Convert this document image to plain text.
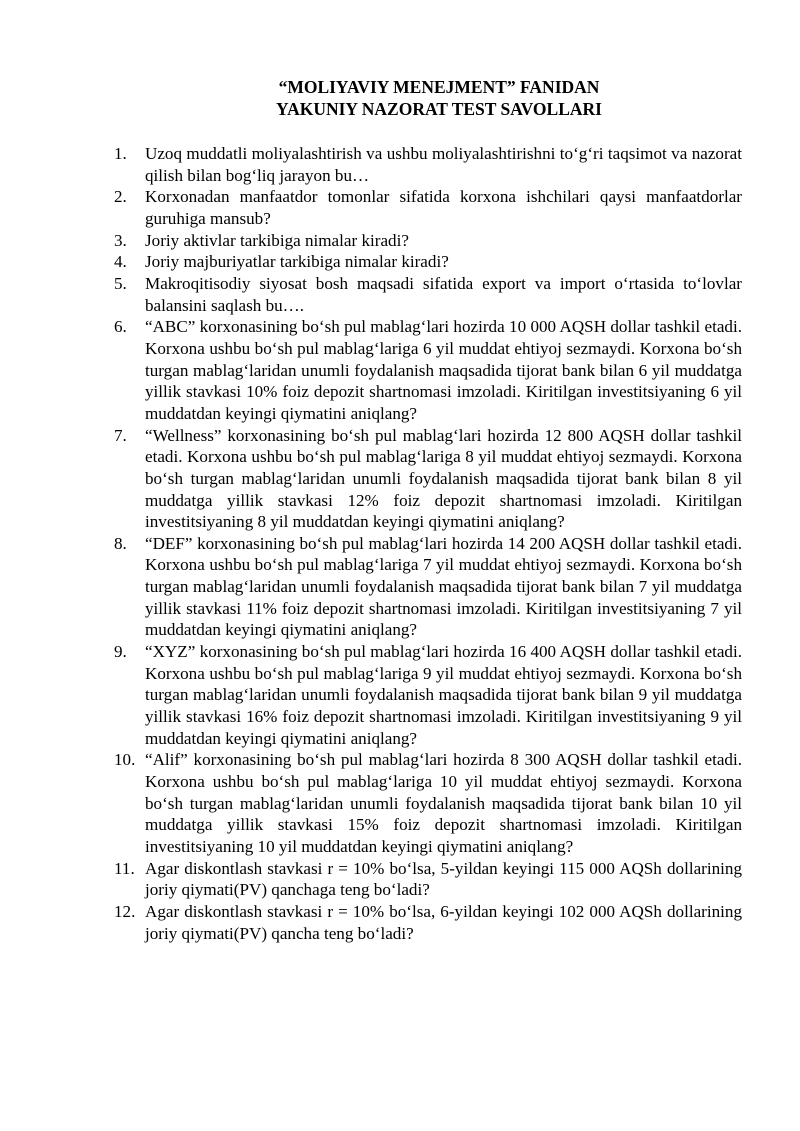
“MOLIYAVIY MENEJMENT” FANIDAN
YAKUNIY NAZORAT TEST SAVOLLARI
1.	Uzoq muddatli moliyalashtirish va ushbu moliyalashtirishni to‘g‘ri taqsimot va nazorat qilish bilan bog‘liq jarayon bu…
2.	Korxonadan manfaatdor tomonlar sifatida korxona ishchilari qaysi manfaatdorlar guruhiga mansub?
3.	Joriy aktivlar tarkibiga nimalar kiradi?
4.	Joriy majburiyatlar tarkibiga nimalar kiradi?
5.	Makroqitisodiy siyosat bosh maqsadi sifatida export va import o‘rtasida to‘lovlar balansini saqlash bu….
6.	“ABC” korxonasining bo‘sh pul mablag‘lari hozirda 10 000 AQSH dollar tashkil etadi. Korxona ushbu bo‘sh pul mablag‘lariga 6 yil muddat ehtiyoj sezmaydi. Korxona bo‘sh turgan mablag‘laridan unumli foydalanish maqsadida tijorat bank bilan 6 yil muddatga yillik stavkasi 10% foiz depozit shartnomasi imzoladi. Kiritilgan investitsiyaning 6 yil muddatdan keyingi qiymatini aniqlang?
7.	“Wellness” korxonasining bo‘sh pul mablag‘lari hozirda 12 800 AQSH dollar tashkil etadi. Korxona ushbu bo‘sh pul mablag‘lariga 8 yil muddat ehtiyoj sezmaydi. Korxona bo‘sh turgan mablag‘laridan unumli foydalanish maqsadida tijorat bank bilan 8 yil muddatga yillik stavkasi 12% foiz depozit shartnomasi imzoladi. Kiritilgan investitsiyaning 8 yil muddatdan keyingi qiymatini aniqlang?
8.	“DEF” korxonasining bo‘sh pul mablag‘lari hozirda 14 200 AQSH dollar tashkil etadi. Korxona ushbu bo‘sh pul mablag‘lariga 7 yil muddat ehtiyoj sezmaydi. Korxona bo‘sh turgan mablag‘laridan unumli foydalanish maqsadida tijorat bank bilan 7 yil muddatga yillik stavkasi 11% foiz depozit shartnomasi imzoladi. Kiritilgan investitsiyaning 7 yil muddatdan keyingi qiymatini aniqlang?
9.	“XYZ” korxonasining bo‘sh pul mablag‘lari hozirda 16 400 AQSH dollar tashkil etadi. Korxona ushbu bo‘sh pul mablag‘lariga 9 yil muddat ehtiyoj sezmaydi. Korxona bo‘sh turgan mablag‘laridan unumli foydalanish maqsadida tijorat bank bilan 9 yil muddatga yillik stavkasi 16% foiz depozit shartnomasi imzoladi. Kiritilgan investitsiyaning 9 yil muddatdan keyingi qiymatini aniqlang?
10. “Alif” korxonasining bo‘sh pul mablag‘lari hozirda 8 300 AQSH dollar tashkil etadi. Korxona ushbu bo‘sh pul mablag‘lariga 10 yil muddat ehtiyoj sezmaydi. Korxona bo‘sh turgan mablag‘laridan unumli foydalanish maqsadida tijorat bank bilan 10 yil muddatga yillik stavkasi 15% foiz depozit shartnomasi imzoladi. Kiritilgan investitsiyaning 10 yil muddatdan keyingi qiymatini aniqlang?
11. Agar diskontlash stavkasi r = 10% bo‘lsa, 5-yildan keyingi 115 000 AQSh dollarining joriy qiymati(PV) qanchaga teng bo‘ladi?
12. Agar diskontlash stavkasi r = 10% bo‘lsa, 6-yildan keyingi 102 000 AQSh dollarining joriy qiymati(PV) qancha teng bo‘ladi?
